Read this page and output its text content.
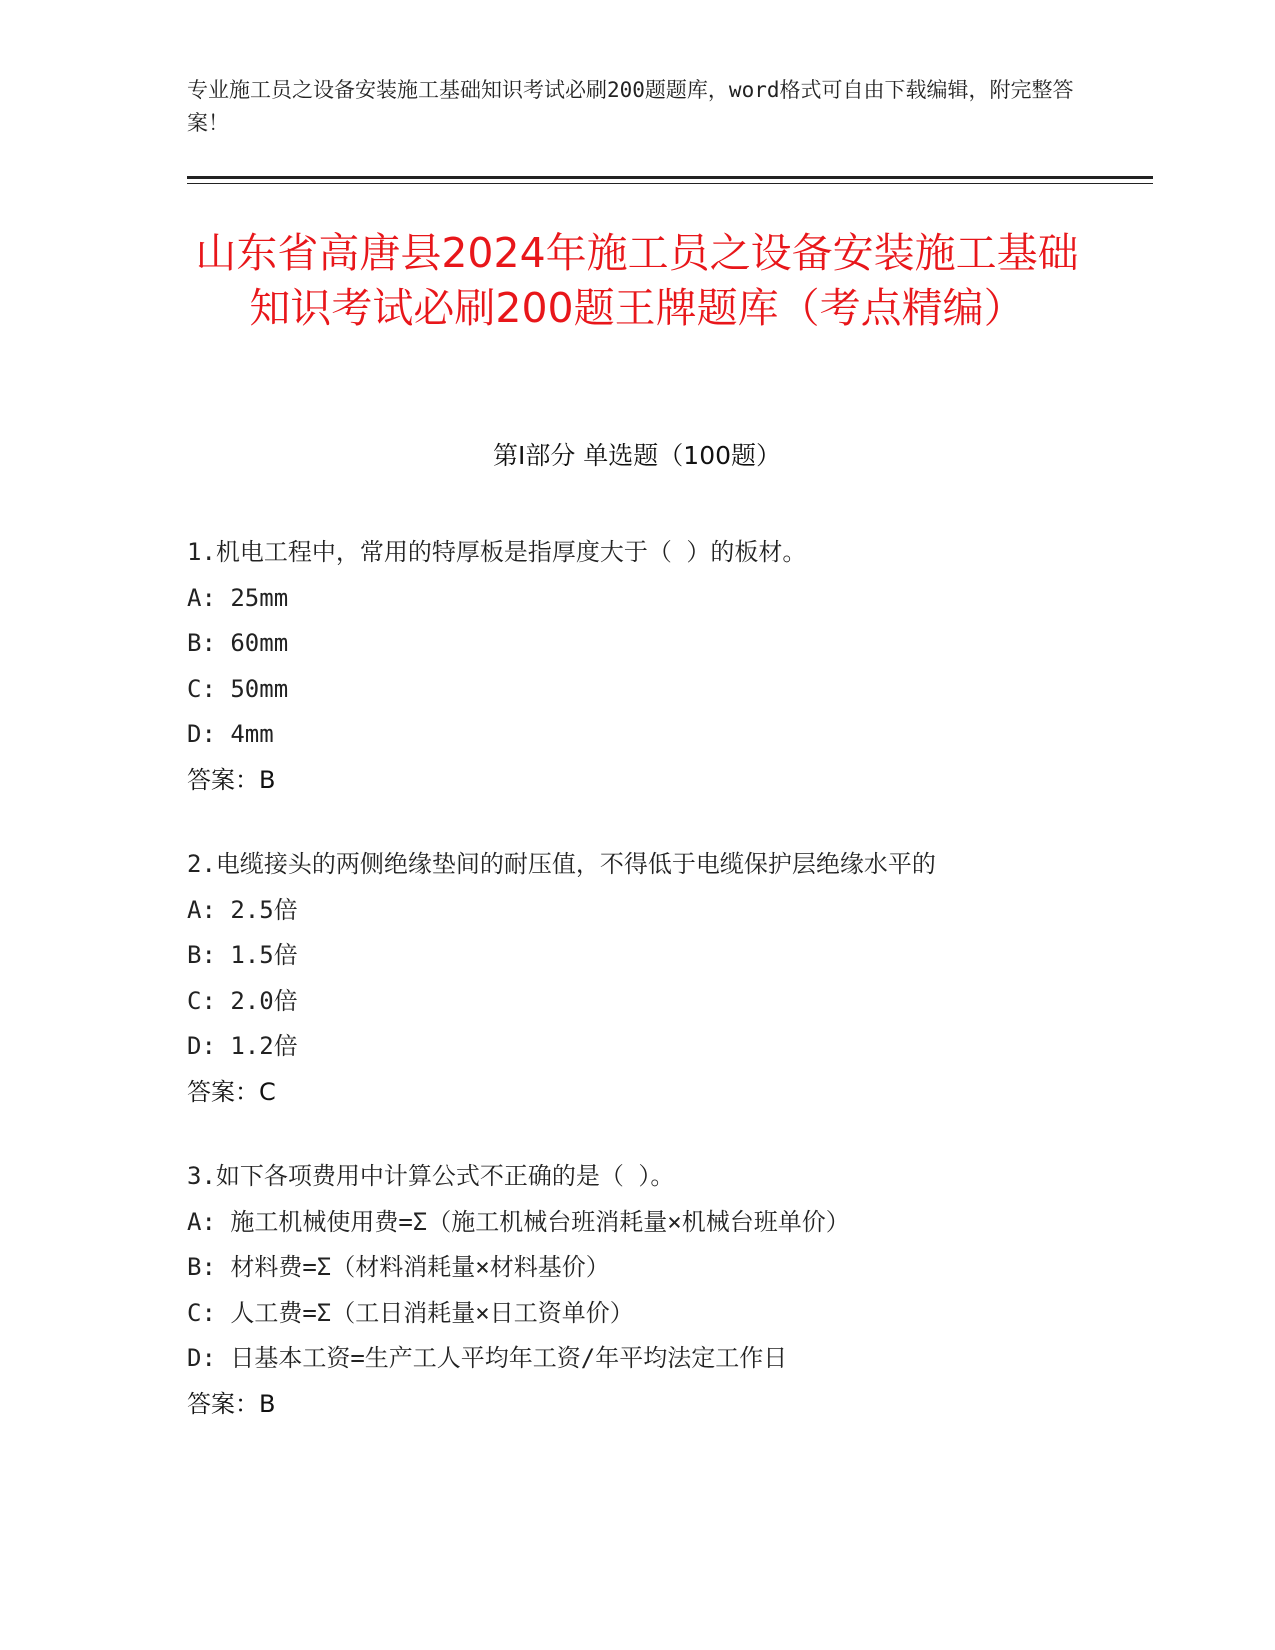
专业施工员之设备安装施工基础知识考试必刷200题题库，word格式可自由下载编辑，附完整答案！
山东省高唐县2024年施工员之设备安装施工基础知识考试必刷200题王牌题库（考点精编）
第I部分 单选题（100题）
1.机电工程中，常用的特厚板是指厚度大于（ ）的板材。
A: 25mm
B: 60mm
C: 50mm
D: 4mm
答案：B
2.电缆接头的两侧绝缘垫间的耐压值，不得低于电缆保护层绝缘水平的
A: 2.5倍
B: 1.5倍
C: 2.0倍
D: 1.2倍
答案：C
3.如下各项费用中计算公式不正确的是（ ）。
A: 施工机械使用费=Σ（施工机械台班消耗量×机械台班单价）
B: 材料费=Σ（材料消耗量×材料基价）
C: 人工费=Σ（工日消耗量×日工资单价）
D: 日基本工资=生产工人平均年工资/年平均法定工作日
答案：B
